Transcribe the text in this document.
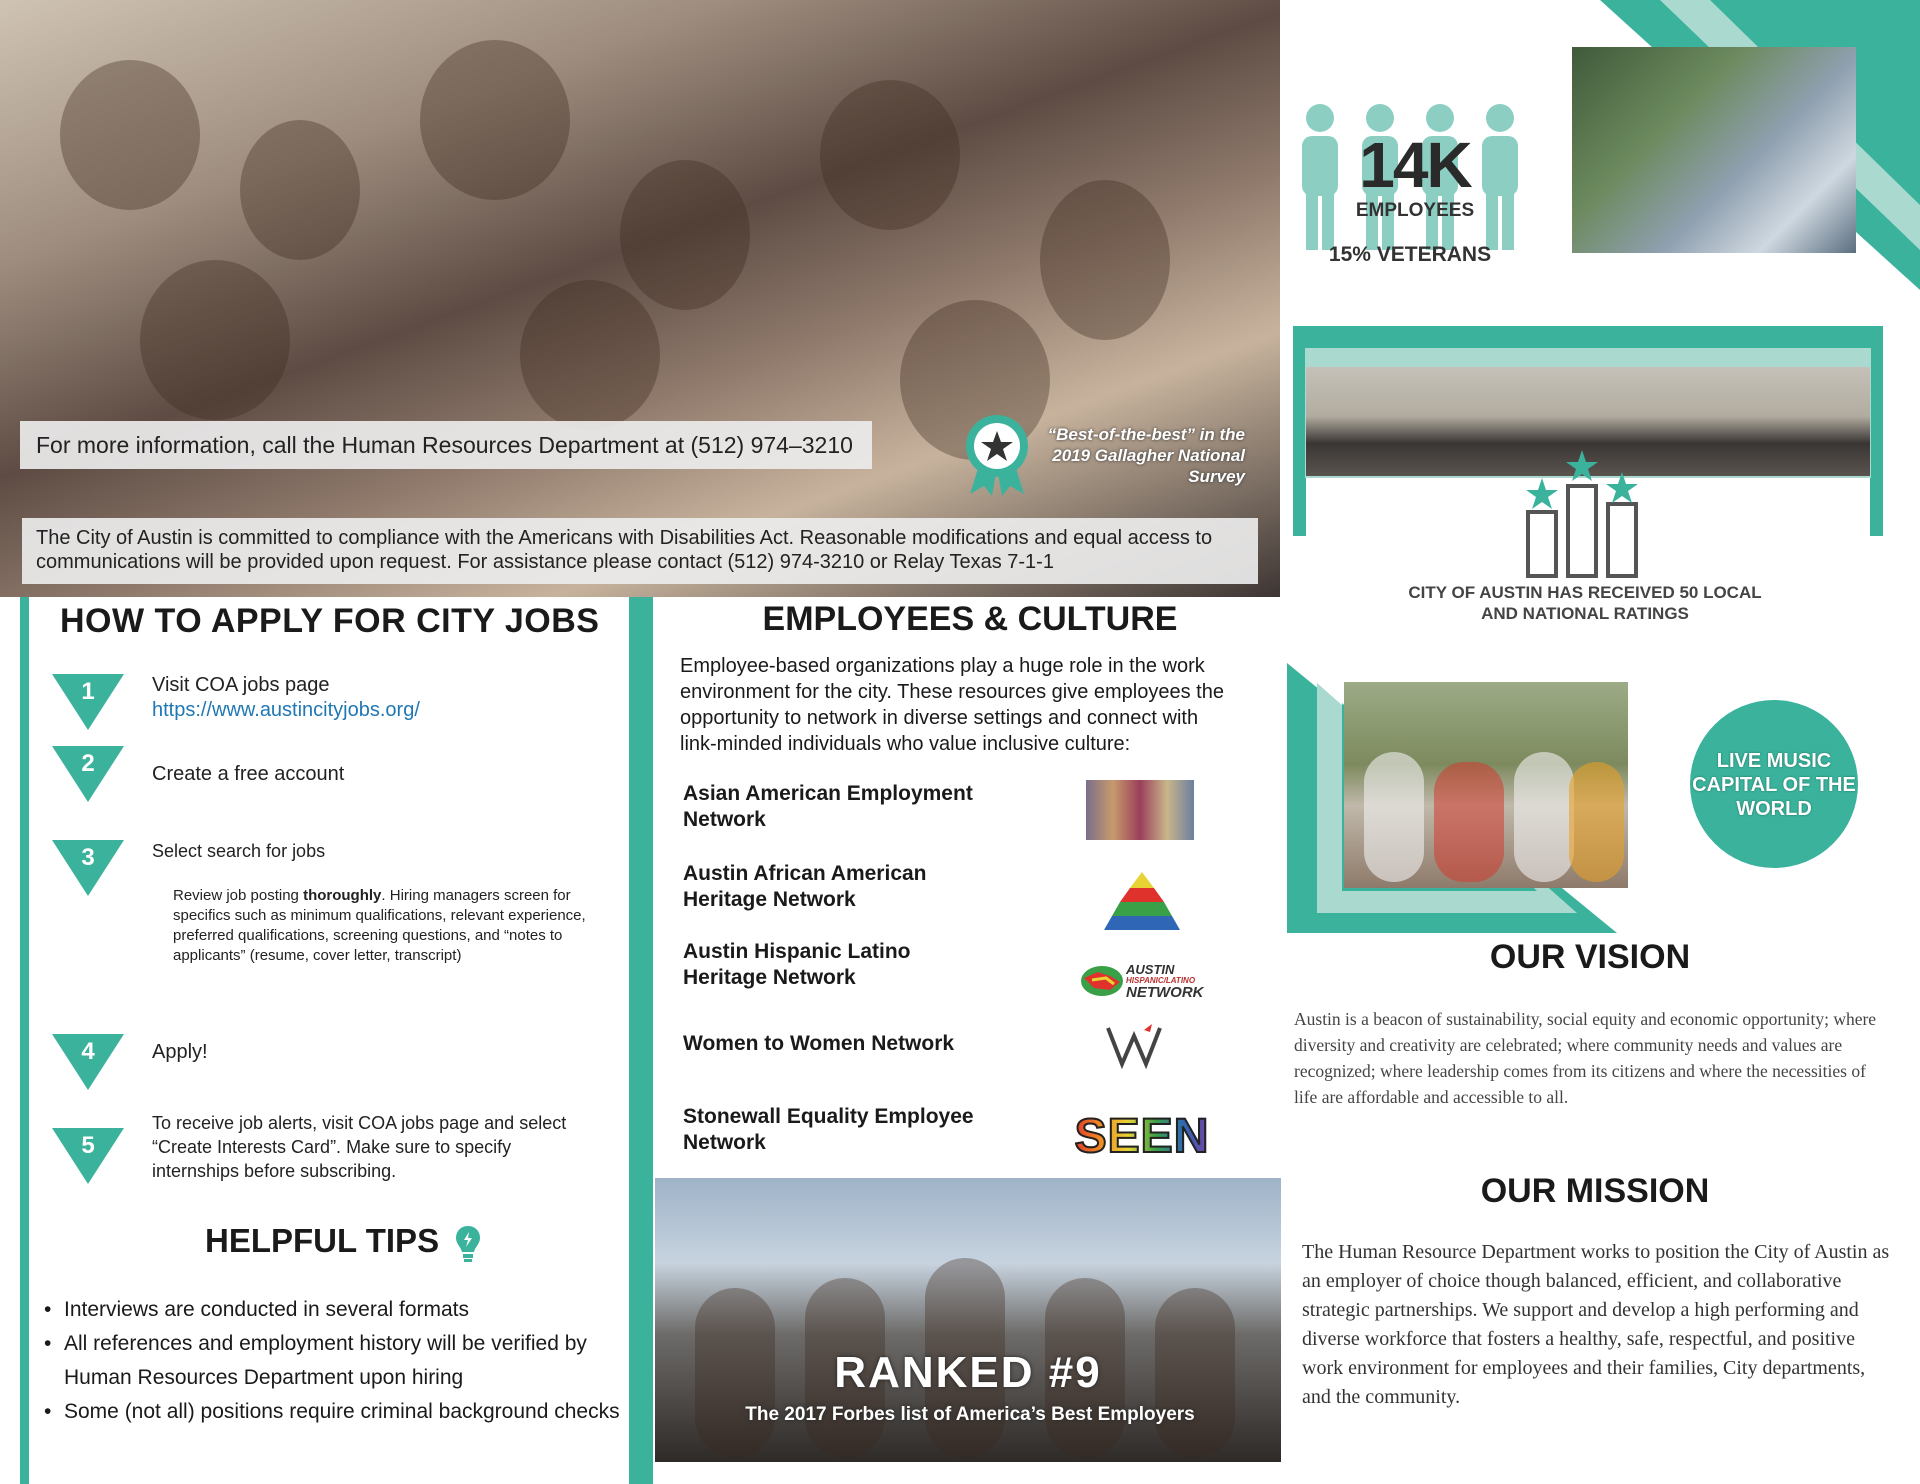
For more information, call the Human Resources Department at (512) 974–3210	“Best-of-the-best” in the 2019 Gallagher National Survey
The City of Austin is committed to compliance with the Americans with Disabilities Act. Reasonable modifications and equal access to communications will be provided upon request. For assistance please contact (512) 974-3210 or Relay Texas 7-1-1
14K
EMPLOYEES
15% VETERANS
CITY OF AUSTIN HAS RECEIVED 50 LOCAL AND NATIONAL RATINGS
HOW TO APPLY FOR CITY JOBS
1	Visit COA jobs page
https://www.austincityjobs.org/
2	Create a free account
3	Select search for jobs
Review job posting thoroughly. Hiring managers screen for specifics such as minimum qualifications, relevant experience, preferred qualifications, screening questions, and “notes to applicants” (resume, cover letter, transcript)
4	Apply!
5
To receive job alerts, visit COA jobs page and select “Create Interests Card”. Make sure to specify internships before subscribing.
HELPFUL TIPS
• Interviews are conducted in several formats
• All references and employment history will be verified by Human Resources Department upon hiring
• Some (not all) positions require criminal background checks
EMPLOYEES & CULTURE
Employee-based organizations play a huge role in the work environment for the city. These resources give employees the opportunity to network in diverse settings and connect with link-minded individuals who value inclusive culture:
Asian American Employment Network
Austin African American Heritage Network
Austin Hispanic Latino Heritage Network	AUSTIN
HISPANIC/LATINO
NETWORK
Women to Women Network
Stonewall Equality Employee Network	SEEN
RANKED #9
The 2017 Forbes list of America’s Best Employers
LIVE MUSIC CAPITAL OF THE WORLD
OUR VISION
Austin is a beacon of sustainability, social equity and economic opportunity; where diversity and creativity are celebrated; where community needs and values are recognized; where leadership comes from its citizens and where the necessities of life are affordable and accessible to all.
OUR MISSION
The Human Resource Department works to position the City of Austin as an employer of choice though balanced, efficient, and collaborative strategic partnerships. We support and develop a high performing and diverse workforce that fosters a healthy, safe, respectful, and positive work environment for employees and their families, City departments, and the community.
